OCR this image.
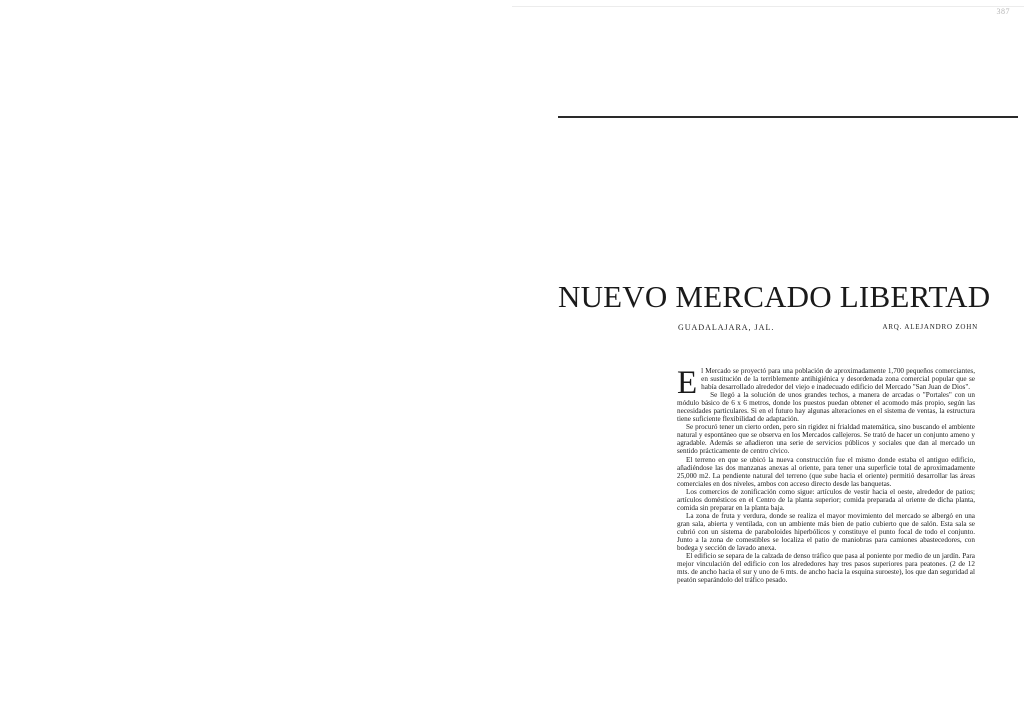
387
NUEVO MERCADO LIBERTAD
GUADALAJARA, JAL.	ARQ. ALEJANDRO ZOHN

El Mercado se proyectó para una población de aproximadamente 1,700 pequeños comerciantes, en sustitución de la terriblemente antihigiénica y desordenada zona comercial popular que se había desarrollado alrededor del viejo e inadecuado edificio del Mercado "San Juan de Dios".

Se llegó a la solución de unos grandes techos, a manera de arcadas o "Portales" con un módulo básico de 6 x 6 metros, donde los puestos puedan obtener el acomodo más propio, según las necesidades particulares. Si en el futuro hay algunas alteraciones en el sistema de ventas, la estructura tiene suficiente flexibilidad de adaptación.

Se procuró tener un cierto orden, pero sin rigidez ni frialdad matemática, sino buscando el ambiente natural y espontáneo que se observa en los Mercados callejeros. Se trató de hacer un conjunto ameno y agradable. Además se añadieron una serie de servicios públicos y sociales que dan al mercado un sentido prácticamente de centro cívico.

El terreno en que se ubicó la nueva construcción fue el mismo donde estaba el antiguo edificio, añadiéndose las dos manzanas anexas al oriente, para tener una superficie total de aproximadamente 25,000 m2. La pendiente natural del terreno (que sube hacia el oriente) permitió desarrollar las áreas comerciales en dos niveles, ambos con acceso directo desde las banquetas.

Los comercios de zonificación como sigue: artículos de vestir hacia el oeste, alrededor de patios; artículos domésticos en el Centro de la planta superior; comida preparada al oriente de dicha planta, comida sin preparar en la planta baja.

La zona de fruta y verdura, donde se realiza el mayor movimiento del mercado se albergó en una gran sala, abierta y ventilada, con un ambiente más bien de patio cubierto que de salón. Esta sala se cubrió con un sistema de paraboloides hiperbólicos y constituye el punto focal de todo el conjunto. Junto a la zona de comestibles se localiza el patio de maniobras para camiones abastecedores, con bodega y sección de lavado anexa.

El edificio se separa de la calzada de denso tráfico que pasa al poniente por medio de un jardín. Para mejor vinculación del edificio con los alrededores hay tres pasos superiores para peatones. (2 de 12 mts. de ancho hacia el sur y uno de 6 mts. de ancho hacia la esquina suroeste), los que dan seguridad al peatón separándolo del tráfico pesado.
